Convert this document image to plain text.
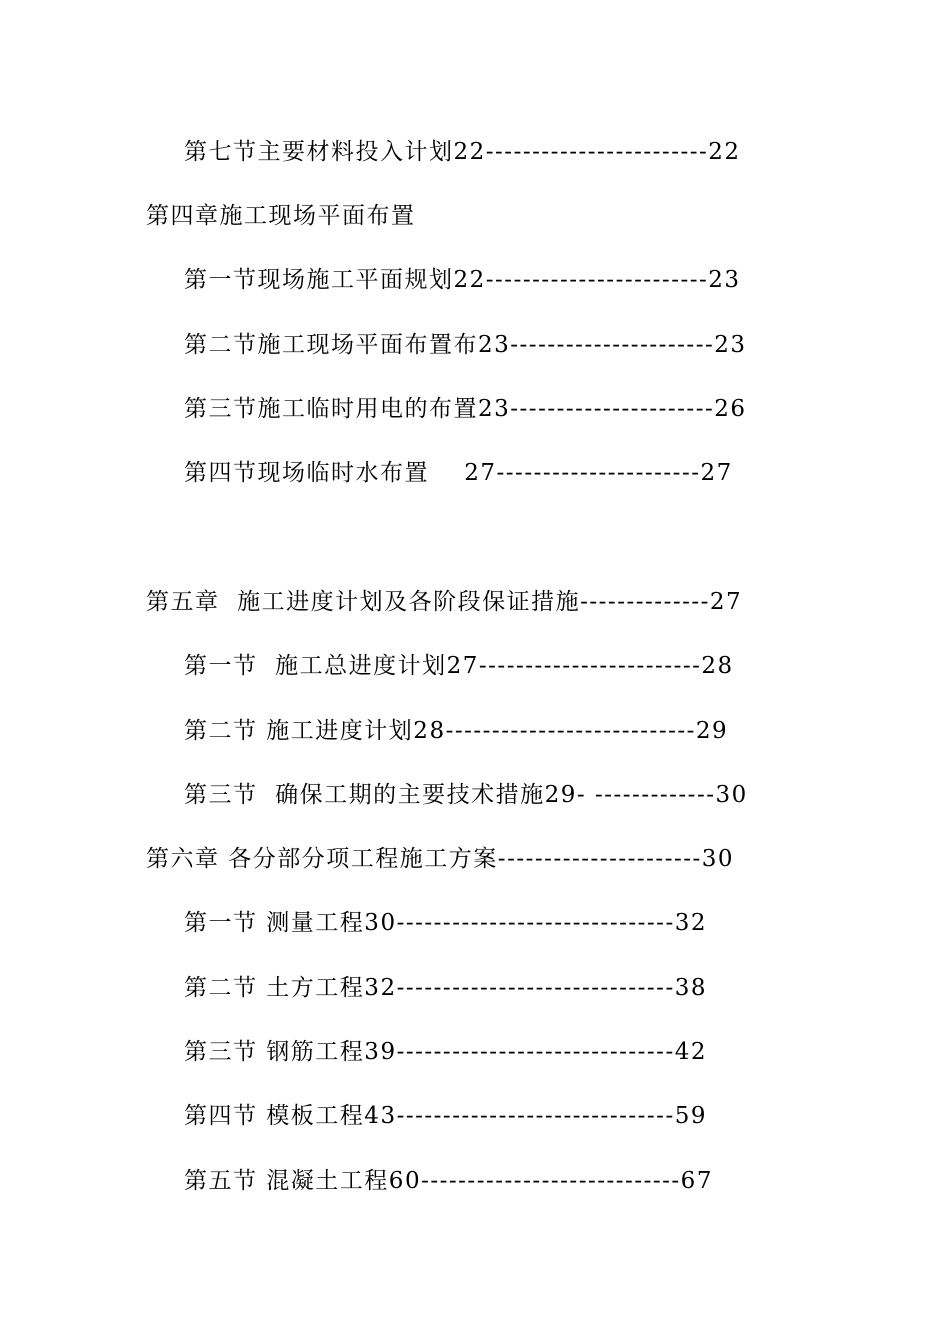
第七节主要材料投入计划22------------------------22
第四章施工现场平面布置
第一节现场施工平面规划22------------------------23
第二节施工现场平面布置布23----------------------23
第三节施工临时用电的布置23----------------------26
第四节现场临时水布置    27----------------------27
第五章  施工进度计划及各阶段保证措施--------------27
第一节  施工总进度计划27------------------------28
第二节 施工进度计划28---------------------------29
第三节  确保工期的主要技术措施29- -------------30
第六章 各分部分项工程施工方案----------------------30
第一节 测量工程30------------------------------32
第二节 土方工程32------------------------------38
第三节 钢筋工程39------------------------------42
第四节 模板工程43------------------------------59
第五节 混凝土工程60----------------------------67
